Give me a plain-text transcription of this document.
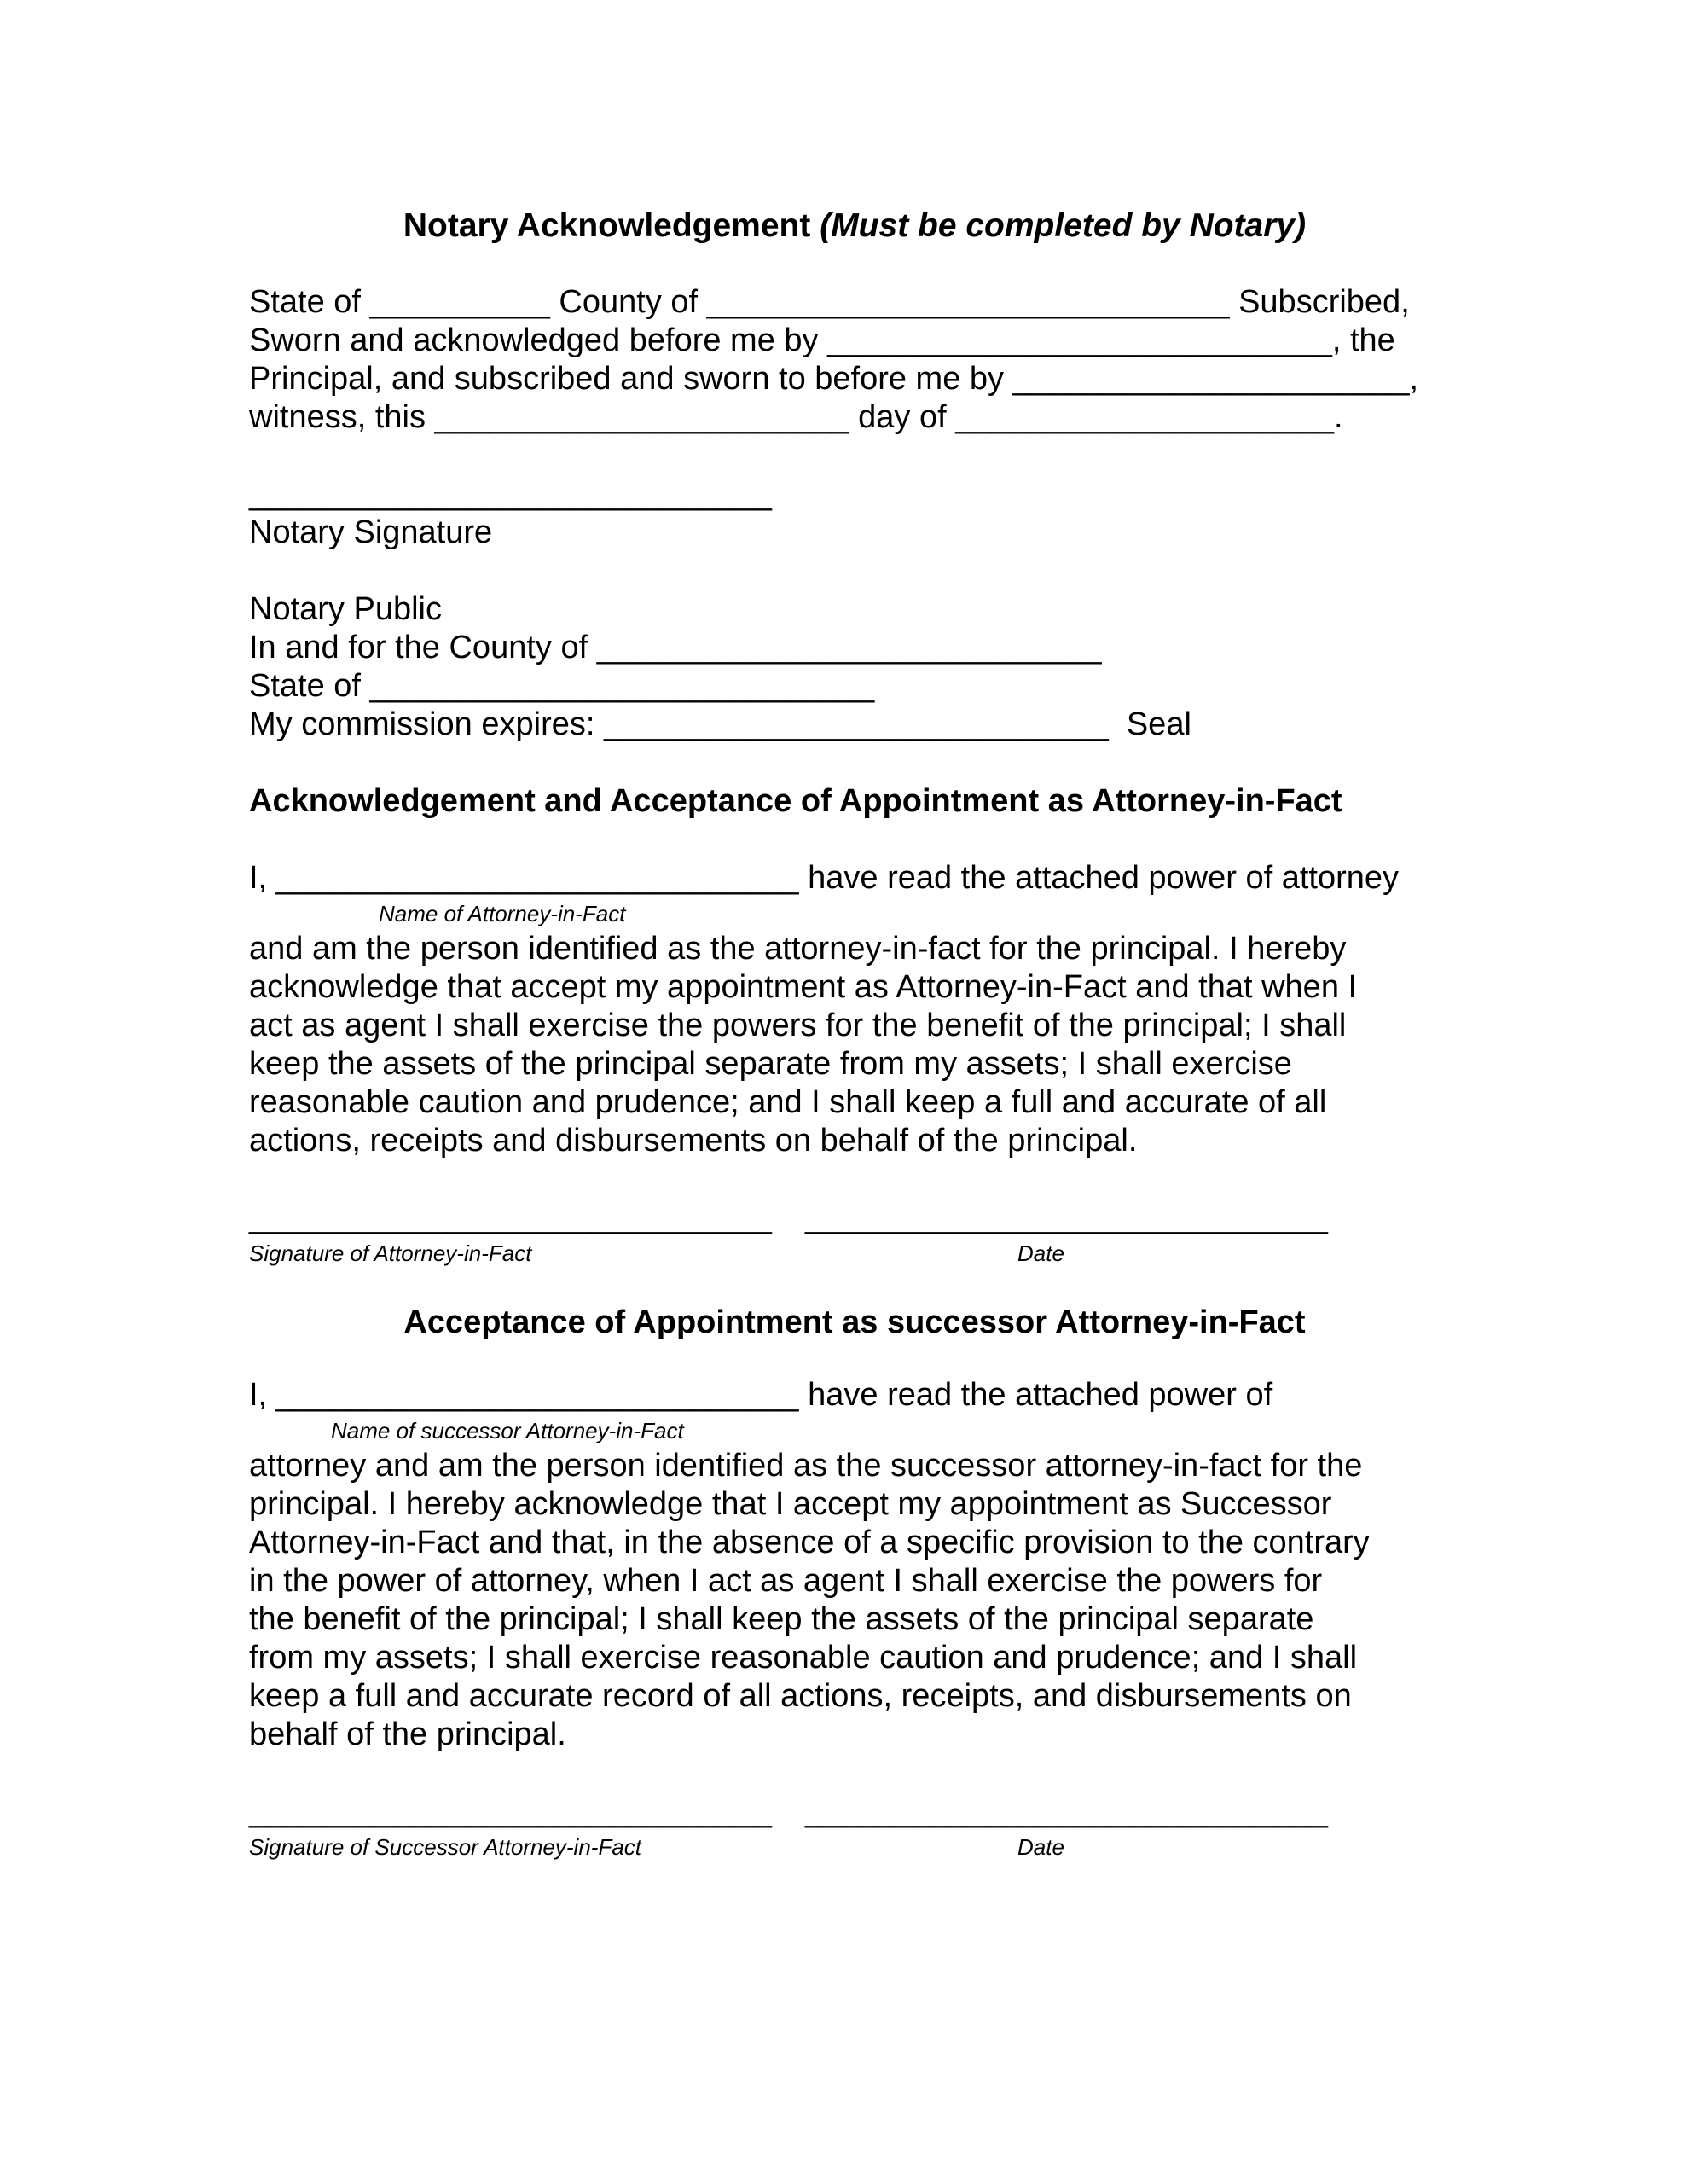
Notary Acknowledgement (Must be completed by Notary)
State of __________ County of _____________________________ Subscribed,
Sworn and acknowledged before me by ____________________________, the
Principal, and subscribed and sworn to before me by ______________________,
witness, this _______________________ day of _____________________.
_____________________________
Notary Signature
Notary Public
In and for the County of ____________________________
State of ____________________________
My commission expires: ____________________________  Seal
Acknowledgement and Acceptance of Appointment as Attorney-in-Fact
I, _____________________________ have read the attached power of attorney
Name of Attorney-in-Fact
and am the person identified as the attorney-in-fact for the principal. I hereby
acknowledge that accept my appointment as Attorney-in-Fact and that when I
act as agent I shall exercise the powers for the benefit of the principal; I shall
keep the assets of the principal separate from my assets; I shall exercise
reasonable caution and prudence; and I shall keep a full and accurate of all
actions, receipts and disbursements on behalf of the principal.
_____________________________
Signature of Attorney-in-Fact
_____________________________
Date
Acceptance of Appointment as successor Attorney-in-Fact
I, _____________________________ have read the attached power of
Name of successor Attorney-in-Fact
attorney and am the person identified as the successor attorney-in-fact for the
principal. I hereby acknowledge that I accept my appointment as Successor
Attorney-in-Fact and that, in the absence of a specific provision to the contrary
in the power of attorney, when I act as agent I shall exercise the powers for
the benefit of the principal; I shall keep the assets of the principal separate
from my assets; I shall exercise reasonable caution and prudence; and I shall
keep a full and accurate record of all actions, receipts, and disbursements on
behalf of the principal.
_____________________________
Signature of Successor Attorney-in-Fact
_____________________________
Date
